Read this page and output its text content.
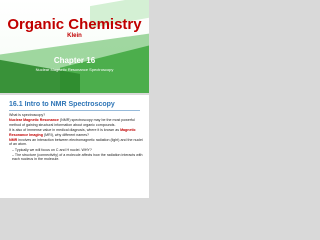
Organic Chemistry
Klein
Chapter 16
Nuclear Magnetic Resonance Spectroscopy
16.1 Intro to NMR Spectroscopy

What is spectroscopy?

Nuclear Magnetic Resonance (NMR) spectroscopy may be the most powerful method of gaining structural information about organic compounds.

It is also of immense value in medical diagnosis, where it is known as Magnetic Resonance Imaging (MRI), why different names?

NMR involves an interaction between electromagnetic radiation (light) and the nuclei of an atom.

– Typically we will focus on C and H nuclei. WHY?

– The structure (connectivity) of a molecule affects how the radiation interacts with each nucleus in the molecule.
